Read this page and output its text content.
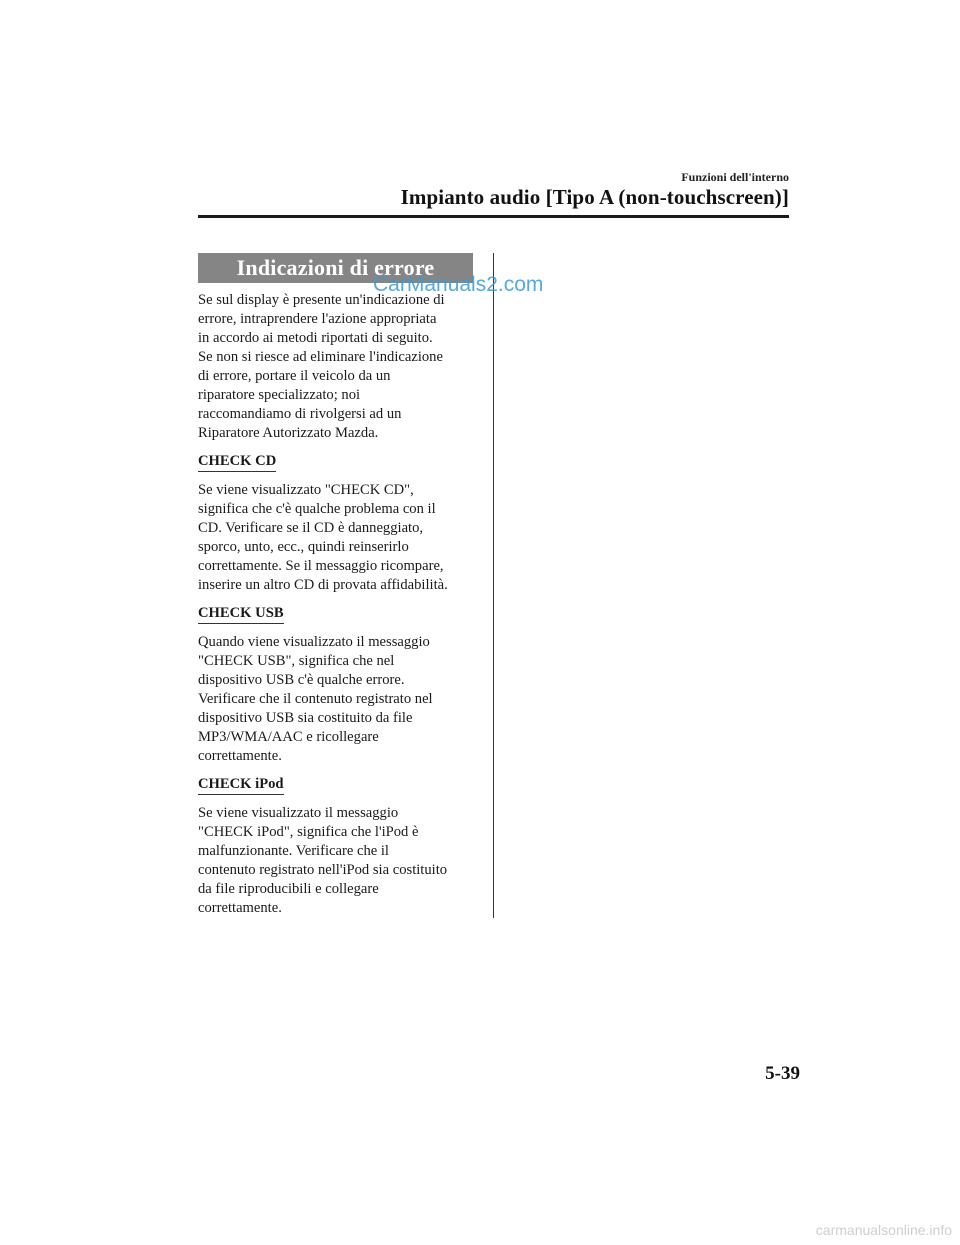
Funzioni dell'interno
Impianto audio [Tipo A (non-touchscreen)]
Indicazioni di errore

Se sul display è presente un'indicazione di
errore, intraprendere l'azione appropriata
in accordo ai metodi riportati di seguito.
Se non si riesce ad eliminare l'indicazione
di errore, portare il veicolo da un
riparatore specializzato; noi
raccomandiamo di rivolgersi ad un
Riparatore Autorizzato Mazda.

CHECK CD

Se viene visualizzato "CHECK CD",
significa che c'è qualche problema con il
CD. Verificare se il CD è danneggiato,
sporco, unto, ecc., quindi reinserirlo
correttamente. Se il messaggio ricompare,
inserire un altro CD di provata affidabilità.

CHECK USB

Quando viene visualizzato il messaggio
"CHECK USB", significa che nel
dispositivo USB c'è qualche errore.
Verificare che il contenuto registrato nel
dispositivo USB sia costituito da file
MP3/WMA/AAC e ricollegare
correttamente.

CHECK iPod

Se viene visualizzato il messaggio
"CHECK iPod", significa che l'iPod è
malfunzionante. Verificare che il
contenuto registrato nell'iPod sia costituito
da file riproducibili e collegare
correttamente.

CarManuals2.com
5-39
carmanualsonline.info
